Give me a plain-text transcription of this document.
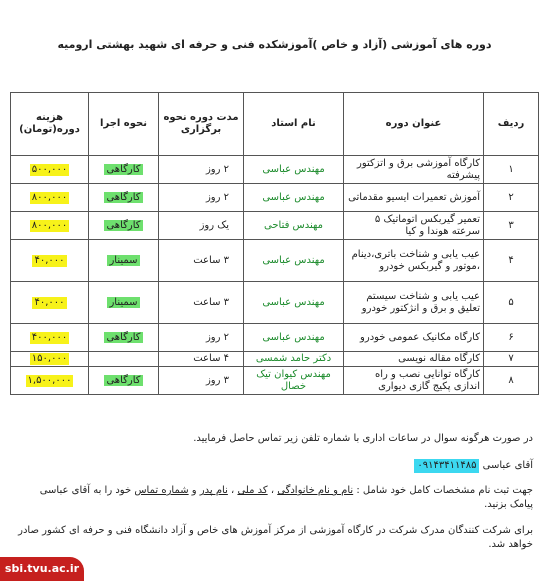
دوره های آموزشی (آزاد و خاص )آموزشکده فنی و حرفه ای شهید بهشتی ارومیه
ردیف	عنوان دوره	نام استاد	مدت دوره نحوه برگزاری	نحوه اجرا	هزینه دوره(تومان)
۱	کارگاه آموزشی برق و اتزکتور پیشرفته	مهندس عباسی	۲ روز	کارگاهی	۵۰۰,۰۰۰
۲	آموزش تعمیرات ایسیو مقدماتی	مهندس عباسی	۲ روز	کارگاهی	۸۰۰,۰۰۰
۳	تعمیر گیربکس اتوماتیک ۵ سرعته هوندا و کیا	مهندس فتاحی	یک روز	کارگاهی	۸۰۰,۰۰۰
۴	عیب یابی و شناخت باتری،دینام ،موتور و گیربکس خودرو	مهندس عباسی	۳ ساعت	سمینار	۴۰,۰۰۰
۵	عیب یابی و شناخت سیستم تعلیق و برق و انژکتور خودرو	مهندس عباسی	۳ ساعت	سمینار	۴۰,۰۰۰
۶	کارگاه مکانیک عمومی خودرو	مهندس عباسی	۲ روز	کارگاهی	۴۰۰,۰۰۰
۷	کارگاه مقاله نویسی	دکتر حامد شمسی	۴ ساعت		۱۵۰,۰۰۰
۸	کارگاه توانایی نصب و راه اندازی پکیج گازی دیواری	مهندس کیوان تیک خصال	۳ روز	کارگاهی	۱,۵۰۰,۰۰۰
در صورت هرگونه سوال در ساعات اداری با شماره تلفن زیر تماس حاصل فرمایید.
آقای عباسی ۰۹۱۴۳۴۱۱۴۸۵
جهت ثبت نام مشخصات کامل خود شامل : نام و نام خانوادگی ، کد ملی ، نام پدر و شماره تماس خود را به آقای عباسی پیامک بزنید.
برای شرکت کنندگان مدرک شرکت در کارگاه آموزشی از مرکز آموزش های خاص و آزاد دانشگاه فنی و حرفه ای کشور صادر خواهد شد.
sbi.tvu.ac.ir
